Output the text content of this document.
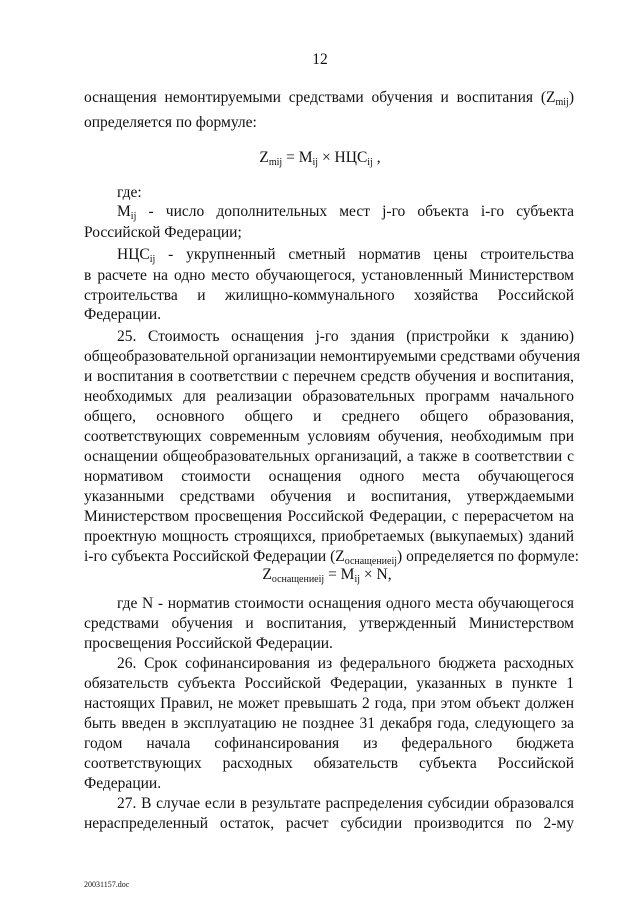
12
оснащения немонтируемыми средствами обучения и воспитания $(Z_{mij})$
определяется по формуле:
$Z_{mij} = M_{ij} \times НЦС_{ij}$ ,
где:
$M_{ij}$ - число дополнительных мест j-го объекта i-го субъекта
Российской Федерации;
$НЦС_{ij}$ - укрупненный сметный норматив цены строительства
в расчете на одно место обучающегося, установленный Министерством
строительства и жилищно-коммунального хозяйства Российской
Федерации.
25. Стоимость оснащения j-го здания (пристройки к зданию)
общеобразовательной организации немонтируемыми средствами обучения
и воспитания в соответствии с перечнем средств обучения и воспитания,
необходимых для реализации образовательных программ начального
общего, основного общего и среднего общего образования,
соответствующих современным условиям обучения, необходимым при
оснащении общеобразовательных организаций, а также в соответствии с
нормативом стоимости оснащения одного места обучающегося
указанными средствами обучения и воспитания, утверждаемыми
Министерством просвещения Российской Федерации, с перерасчетом на
проектную мощность строящихся, приобретаемых (выкупаемых) зданий
i-го субъекта Российской Федерации $(Z_{оснащениеij})$ определяется по формуле:
$Z_{оснащениеij} = M_{ij} \times N$,
где N - норматив стоимости оснащения одного места обучающегося
средствами обучения и воспитания, утвержденный Министерством
просвещения Российской Федерации.
26. Срок софинансирования из федерального бюджета расходных
обязательств субъекта Российской Федерации, указанных в пункте 1
настоящих Правил, не может превышать 2 года, при этом объект должен
быть введен в эксплуатацию не позднее 31 декабря года, следующего за
годом начала софинансирования из федерального бюджета
соответствующих расходных обязательств субъекта Российской
Федерации.
27. В случае если в результате распределения субсидии образовался
нераспределенный остаток, расчет субсидии производится по 2-му
20031157.doc
